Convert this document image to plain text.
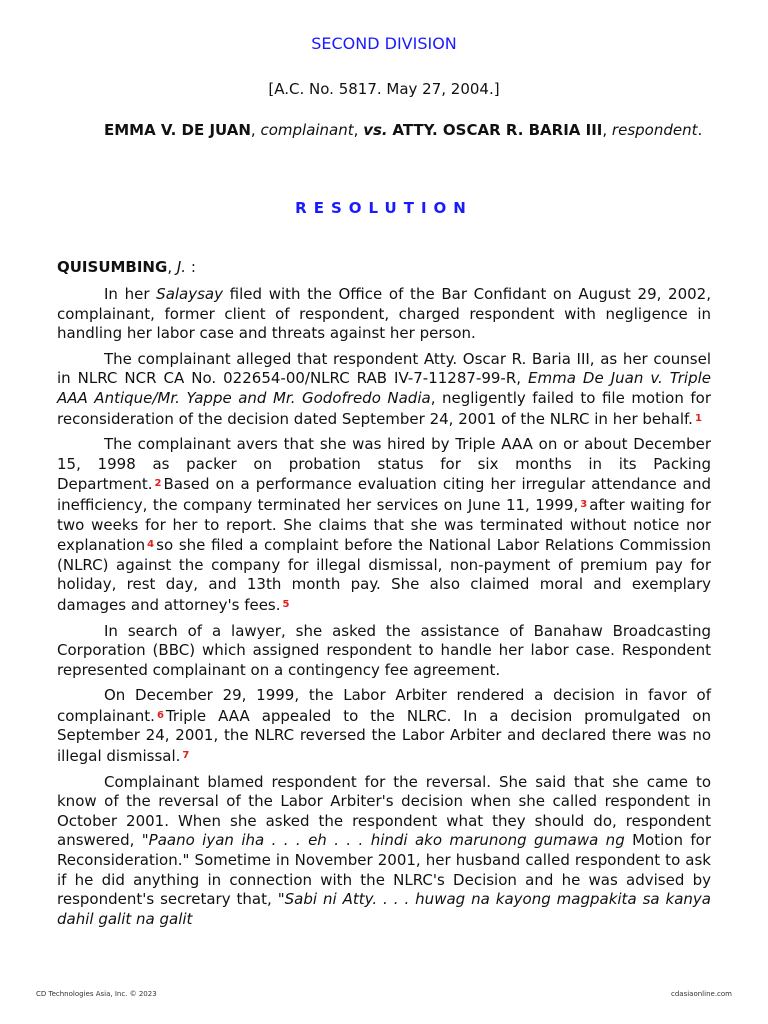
SECOND DIVISION
[A.C. No. 5817. May 27, 2004.]
EMMA V. DE JUAN, complainant, vs. ATTY. OSCAR R. BARIA III, respondent.
RESOLUTION
QUISUMBING, J. :

In her Salaysay filed with the Office of the Bar Confidant on August 29, 2002, complainant, former client of respondent, charged respondent with negligence in handling her labor case and threats against her person.

The complainant alleged that respondent Atty. Oscar R. Baria III, as her counsel in NLRC NCR CA No. 022654-00/NLRC RAB IV-7-11287-99-R, Emma De Juan v. Triple AAA Antique/Mr. Yappe and Mr. Godofredo Nadia, negligently failed to file motion for reconsideration of the decision dated September 24, 2001 of the NLRC in her behalf. $^1$

The complainant avers that she was hired by Triple AAA on or about December 15, 1998 as packer on probation status for six months in its Packing Department. $^2$ Based on a performance evaluation citing her irregular attendance and inefficiency, the company terminated her services on June 11, 1999, $^3$ after waiting for two weeks for her to report. She claims that she was terminated without notice nor explanation $^4$ so she filed a complaint before the National Labor Relations Commission (NLRC) against the company for illegal dismissal, non-payment of premium pay for holiday, rest day, and 13th month pay. She also claimed moral and exemplary damages and attorney's fees. $^5$

In search of a lawyer, she asked the assistance of Banahaw Broadcasting Corporation (BBC) which assigned respondent to handle her labor case. Respondent represented complainant on a contingency fee agreement.

On December 29, 1999, the Labor Arbiter rendered a decision in favor of complainant. $^6$ Triple AAA appealed to the NLRC. In a decision promulgated on September 24, 2001, the NLRC reversed the Labor Arbiter and declared there was no illegal dismissal. $^7$

Complainant blamed respondent for the reversal. She said that she came to know of the reversal of the Labor Arbiter's decision when she called respondent in October 2001. When she asked the respondent what they should do, respondent answered, "Paano iyan iha . . . eh . . . hindi ako marunong gumawa ng Motion for Reconsideration." Sometime in November 2001, her husband called respondent to ask if he did anything in connection with the NLRC's Decision and he was advised by respondent's secretary that, "Sabi ni Atty. . . . huwag na kayong magpakita sa kanya dahil galit na galit

CD Technologies Asia, Inc. © 2023	cdasiaonline.com
